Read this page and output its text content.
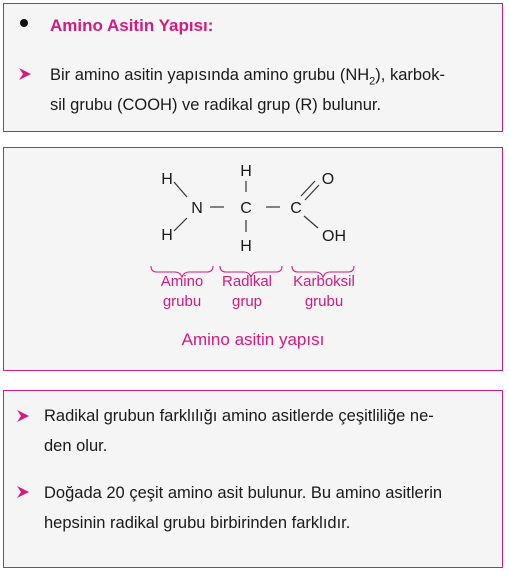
Amino Asitin Yapısı:
Bir amino asitin yapısında amino grubu $(NH_2)$, karbok-
sil grubu (COOH) ve radikal grup (R) bulunur.
H
H
N
H
C
H
C
O
OH
Amino
grubu
Radikal
grup
Karboksil
grubu
Amino asitin yapısı
Radikal grubun farklılığı amino asitlerde çeşitliliğe ne-
den olur.
Doğada 20 çeşit amino asit bulunur. Bu amino asitlerin
hepsinin radikal grubu birbirinden farklıdır.
